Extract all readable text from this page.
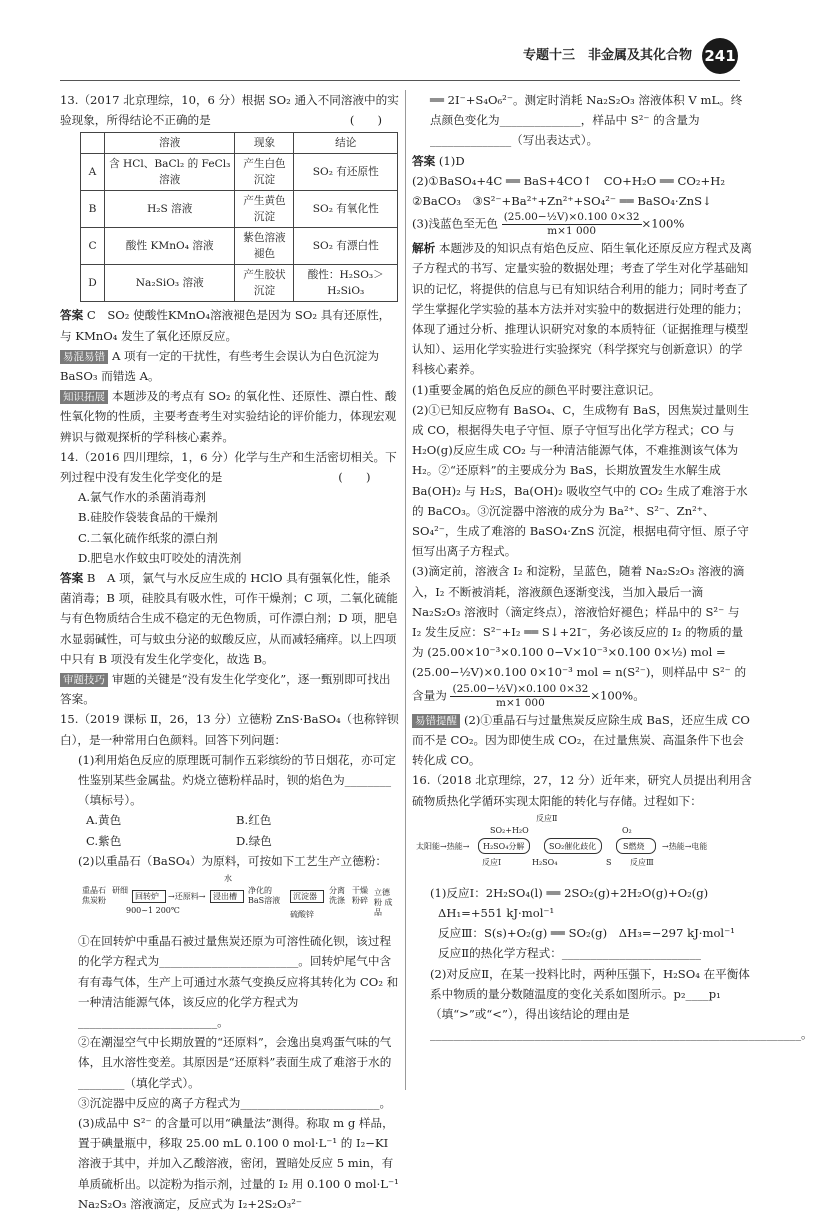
专题十三　非金属及其化合物 241

13.（2017 北京理综，10，6 分）根据 SO₂ 通入不同溶液中的实验现象，所得结论不正确的是　　　　　　　　　　　　(　　)

	溶液	现象	结论
A	含 HCl、BaCl₂ 的 FeCl₃ 溶液	产生白色沉淀	SO₂ 有还原性
B	H₂S 溶液	产生黄色沉淀	SO₂ 有氧化性
C	酸性 KMnO₄ 溶液	紫色溶液褪色	SO₂ 有漂白性
D	Na₂SiO₃ 溶液	产生胶状沉淀	酸性：H₂SO₃＞H₂SiO₃

答案 C　SO₂ 使酸性KMnO₄溶液褪色是因为 SO₂ 具有还原性，与 KMnO₄ 发生了氧化还原反应。

易混易错 A 项有一定的干扰性，有些考生会误认为白色沉淀为 BaSO₃ 而错选 A。

知识拓展 本题涉及的考点有 SO₂ 的氧化性、还原性、漂白性、酸性氧化物的性质，主要考查考生对实验结论的评价能力，体现宏观辨识与微观探析的学科核心素养。

14.（2016 四川理综，1，6 分）化学与生产和生活密切相关。下列过程中没有发生化学变化的是　　　　　　　　　　(　　)

A.氯气作水的杀菌消毒剂

B.硅胶作袋装食品的干燥剂

C.二氧化硫作纸浆的漂白剂

D.肥皂水作蚊虫叮咬处的清洗剂

答案 B　A 项，氯气与水反应生成的 HClO 具有强氧化性，能杀菌消毒；B 项，硅胶具有吸水性，可作干燥剂；C 项，二氧化硫能与有色物质结合生成不稳定的无色物质，可作漂白剂；D 项，肥皂水显弱碱性，可与蚊虫分泌的蚁酸反应，从而减轻痛痒。以上四项中只有 B 项没有发生化学变化，故选 B。

审题技巧 审题的关键是“没有发生化学变化”，逐一甄别即可找出答案。

15.（2019 课标 Ⅱ，26，13 分）立德粉 ZnS·BaSO₄（也称锌钡白），是一种常用白色颜料。回答下列问题：

(1)利用焰色反应的原理既可制作五彩缤纷的节日烟花，亦可定性鉴别某些金属盐。灼烧立德粉样品时，钡的焰色为________（填标号）。

A.黄色	B.红色

C.紫色	D.绿色

(2)以重晶石（BaSO₄）为原料，可按如下工艺生产立德粉：

水
重晶石
焦炭粉
研细
回转炉
900~1 200℃
→还原料→ 浸出槽
净化的 BaS溶液	沉淀器
分离
洗涤
干燥
粉碎
立德粉 成品
硫酸锌

①在回转炉中重晶石被过量焦炭还原为可溶性硫化钡，该过程的化学方程式为________________________。回转炉尾气中含有有毒气体，生产上可通过水蒸气变换反应将其转化为 CO₂ 和一种清洁能源气体，该反应的化学方程式为________________________。

②在潮湿空气中长期放置的“还原料”，会逸出臭鸡蛋气味的气体，且水溶性变差。其原因是“还原料”表面生成了难溶于水的________（填化学式）。

③沉淀器中反应的离子方程式为________________________。

(3)成品中 S²⁻ 的含量可以用“碘量法”测得。称取 m g 样品，置于碘量瓶中，移取 25.00 mL 0.100 0 mol·L⁻¹ 的 I₂−KI 溶液于其中，并加入乙酸溶液，密闭，置暗处反应 5 min，有单质硫析出。以淀粉为指示剂，过量的 I₂ 用 0.100 0 mol·L⁻¹ Na₂S₂O₃ 溶液滴定，反应式为 I₂+2S₂O₃²⁻

══ 2I⁻+S₄O₆²⁻。测定时消耗 Na₂S₂O₃ 溶液体积 V mL。终点颜色变化为______________，样品中 S²⁻ 的含量为______________（写出表达式）。

答案 (1)D

(2)①BaSO₄+4C ══ BaS+4CO↑　CO+H₂O ══ CO₂+H₂

②BaCO₃　③S²⁻+Ba²⁺+Zn²⁺+SO₄²⁻ ══ BaSO₄·ZnS↓

(3)浅蓝色至无色 $\frac{\text{(25.00−½V)×0.100 0×32}}{m\times 1 000} \times 100\%$

解析 本题涉及的知识点有焰色反应、陌生氧化还原反应方程式及离子方程式的书写、定量实验的数据处理；考查了学生对化学基础知识的记忆，将提供的信息与已有知识结合利用的能力；同时考查了学生掌握化学实验的基本方法并对实验中的数据进行处理的能力；体现了通过分析、推理认识研究对象的本质特征（证据推理与模型认知）、运用化学实验进行实验探究（科学探究与创新意识）的学科核心素养。

(1)重要金属的焰色反应的颜色平时要注意识记。

(2)①已知反应物有 BaSO₄、C，生成物有 BaS，因焦炭过量则生成 CO，根据得失电子守恒、原子守恒写出化学方程式；CO 与 H₂O(g)反应生成 CO₂ 与一种清洁能源气体，不难推测该气体为 H₂。②“还原料”的主要成分为 BaS，长期放置发生水解生成 Ba(OH)₂ 与 H₂S，Ba(OH)₂ 吸收空气中的 CO₂ 生成了难溶于水的 BaCO₃。③沉淀器中溶液的成分为 Ba²⁺、S²⁻、Zn²⁺、SO₄²⁻，生成了难溶的 BaSO₄·ZnS 沉淀，根据电荷守恒、原子守恒写出离子方程式。

(3)滴定前，溶液含 I₂ 和淀粉，呈蓝色，随着 Na₂S₂O₃ 溶液的滴入，I₂ 不断被消耗，溶液颜色逐渐变浅，当加入最后一滴 Na₂S₂O₃ 溶液时（滴定终点），溶液恰好褪色；样品中的 S²⁻ 与 I₂ 发生反应：S²⁻+I₂ ══ S↓+2I⁻，务必该反应的 I₂ 的物质的量为 (25.00×10⁻³×0.100 0−V×10⁻³×0.100 0×½) mol = (25.00−½V)×0.100 0×10⁻³ mol = n(S²⁻)，则样品中 S²⁻ 的含量为 $\frac{\text{(25.00−½V)×0.100 0×32}}{m\times 1 000} \times 100\%$。

易错提醒 (2)①重晶石与过量焦炭反应除生成 BaS，还应生成 CO 而不是 CO₂。因为即使生成 CO₂，在过量焦炭、高温条件下也会转化成 CO。

16.（2018 北京理综，27，12 分）近年来，研究人员提出利用含硫物质热化学循环实现太阳能的转化与存储。过程如下：

反应Ⅱ
SO₂+H₂O	O₂
太阳能→热能→ H₂SO₄分解	SO₂催化歧化	S燃烧 →热能→电能
H₂SO₄	S
反应Ⅰ	反应Ⅲ

(1)反应Ⅰ：2H₂SO₄(l) ══ 2SO₂(g)+2H₂O(g)+O₂(g)

ΔH₁=+551 kJ·mol⁻¹

反应Ⅲ：S(s)+O₂(g) ══ SO₂(g)　ΔH₃=−297 kJ·mol⁻¹

反应Ⅱ的热化学方程式：________________________

(2)对反应Ⅱ，在某一投料比时，两种压强下，H₂SO₄ 在平衡体系中物质的量分数随温度的变化关系如图所示。p₂____p₁（填“>”或“<”），得出该结论的理由是________________________________________________________________。
